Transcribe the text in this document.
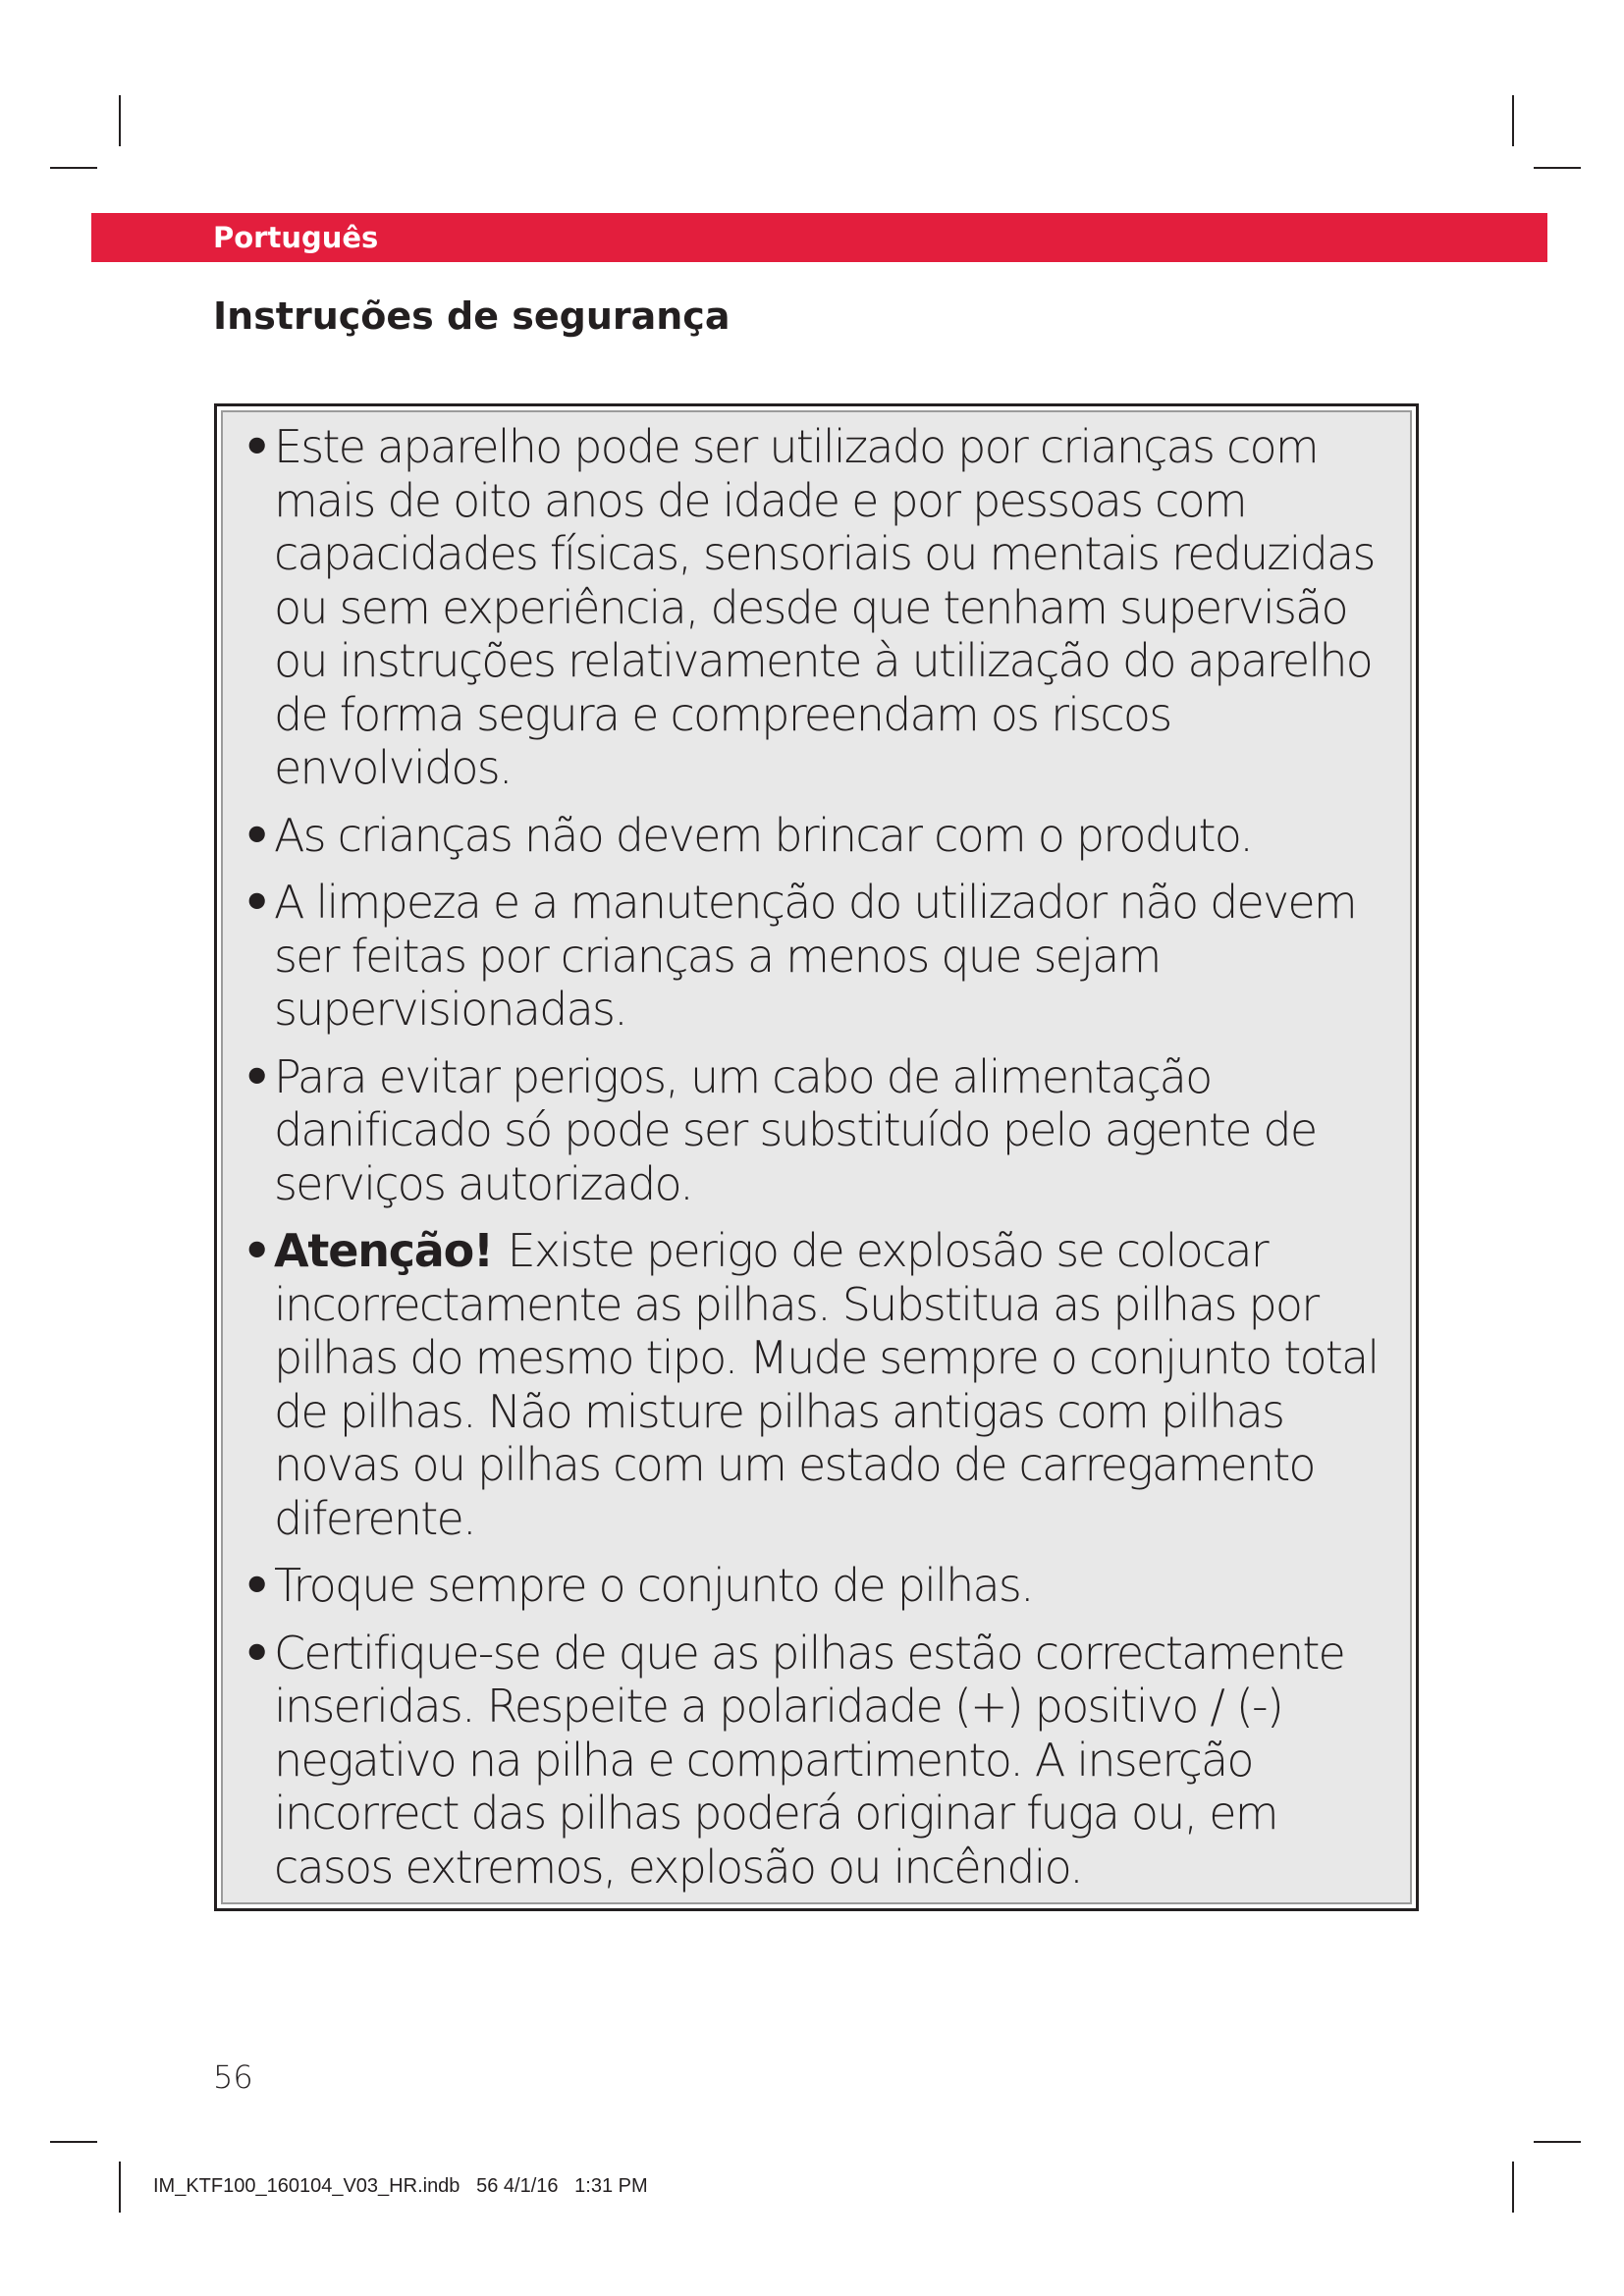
Português
Instruções de segurança
• Este aparelho pode ser utilizado por crianças com mais de oito anos de idade e por pessoas com capacidades físicas, sensoriais ou mentais reduzidas ou sem experiência, desde que tenham supervisão ou instruções relativamente à utilização do aparelho de forma segura e compreendam os riscos envolvidos.
• As crianças não devem brincar com o produto.
• A limpeza e a manutenção do utilizador não devem ser feitas por crianças a menos que sejam supervisionadas.
• Para evitar perigos, um cabo de alimentação danificado só pode ser substituído pelo agente de serviços autorizado.
• Atenção! Existe perigo de explosão se colocar incorrectamente as pilhas. Substitua as pilhas por pilhas do mesmo tipo. Mude sempre o conjunto total de pilhas. Não misture pilhas antigas com pilhas novas ou pilhas com um estado de carregamento diferente.
• Troque sempre o conjunto de pilhas.
• Certifique-se de que as pilhas estão correctamente inseridas. Respeite a polaridade (+) positivo / (-) negativo na pilha e compartimento. A inserção incorrect das pilhas poderá originar fuga ou, em casos extremos, explosão ou incêndio.
56
IM_KTF100_160104_V03_HR.indb   56 4/1/16   1:31 PM
